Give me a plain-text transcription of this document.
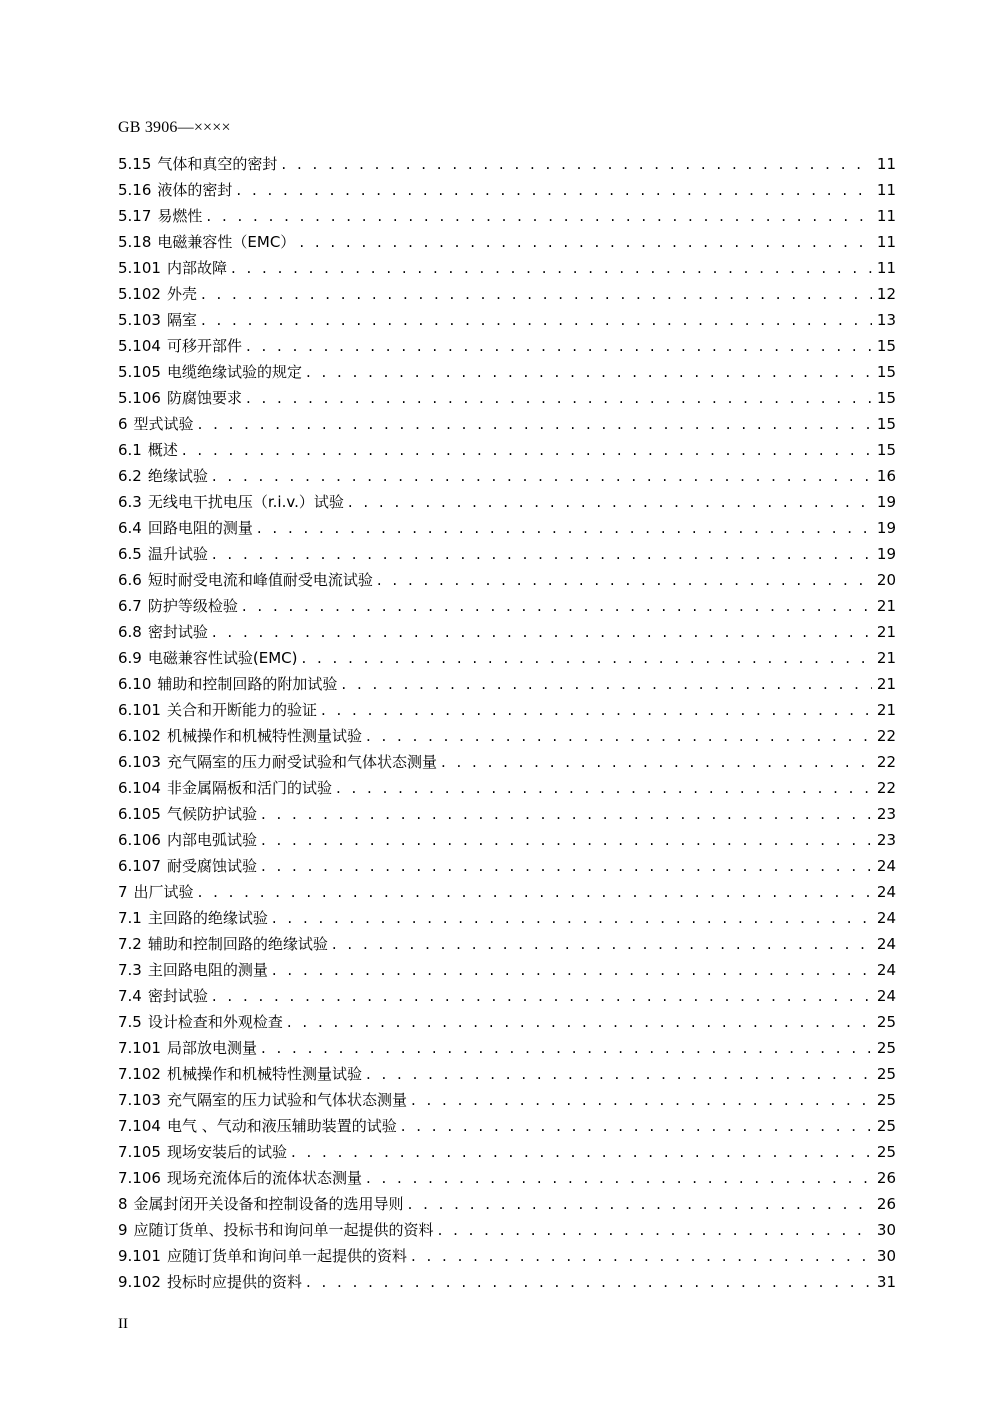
GB 3906—××××
5.15 气体和真空的密封 . . .	11
5.16 液体的密封 . . .	11
5.17 易燃性 . . .	11
5.18 电磁兼容性（EMC） . . .	11
5.101 内部故障 . . .	11
5.102 外壳 . . .	12
5.103 隔室 . . .	13
5.104 可移开部件 . . .	15
5.105 电缆绝缘试验的规定 . . .	15
5.106 防腐蚀要求 . . .	15
6 型式试验 . . .	15
6.1 概述 . . .	15
6.2 绝缘试验 . . .	16
6.3 无线电干扰电压（r.i.v.）试验 . . .	19
6.4 回路电阻的测量 . . .	19
6.5 温升试验 . . .	19
6.6 短时耐受电流和峰值耐受电流试验 . . .	20
6.7 防护等级检验 . . .	21
6.8 密封试验 . . .	21
6.9 电磁兼容性试验(EMC) . . .	21
6.10 辅助和控制回路的附加试验 . . .	21
6.101 关合和开断能力的验证 . . .	21
6.102 机械操作和机械特性测量试验 . . .	22
6.103 充气隔室的压力耐受试验和气体状态测量 . . .	22
6.104 非金属隔板和活门的试验 . . .	22
6.105 气候防护试验 . . .	23
6.106 内部电弧试验 . . .	23
6.107 耐受腐蚀试验 . . .	24
7 出厂试验 . . .	24
7.1 主回路的绝缘试验 . . .	24
7.2 辅助和控制回路的绝缘试验 . . .	24
7.3 主回路电阻的测量 . . .	24
7.4 密封试验 . . .	24
7.5 设计检查和外观检查 . . .	25
7.101 局部放电测量 . . .	25
7.102 机械操作和机械特性测量试验 . . .	25
7.103 充气隔室的压力试验和气体状态测量 . . .	25
7.104 电气 、气动和液压辅助装置的试验 . . .	25
7.105 现场安装后的试验 . . .	25
7.106 现场充流体后的流体状态测量 . . .	26
8 金属封闭开关设备和控制设备的选用导则 . . .	26
9 应随订货单、投标书和询问单一起提供的资料 . . .	30
9.101 应随订货单和询问单一起提供的资料 . . .	30
9.102 投标时应提供的资料 . . .	31
II
